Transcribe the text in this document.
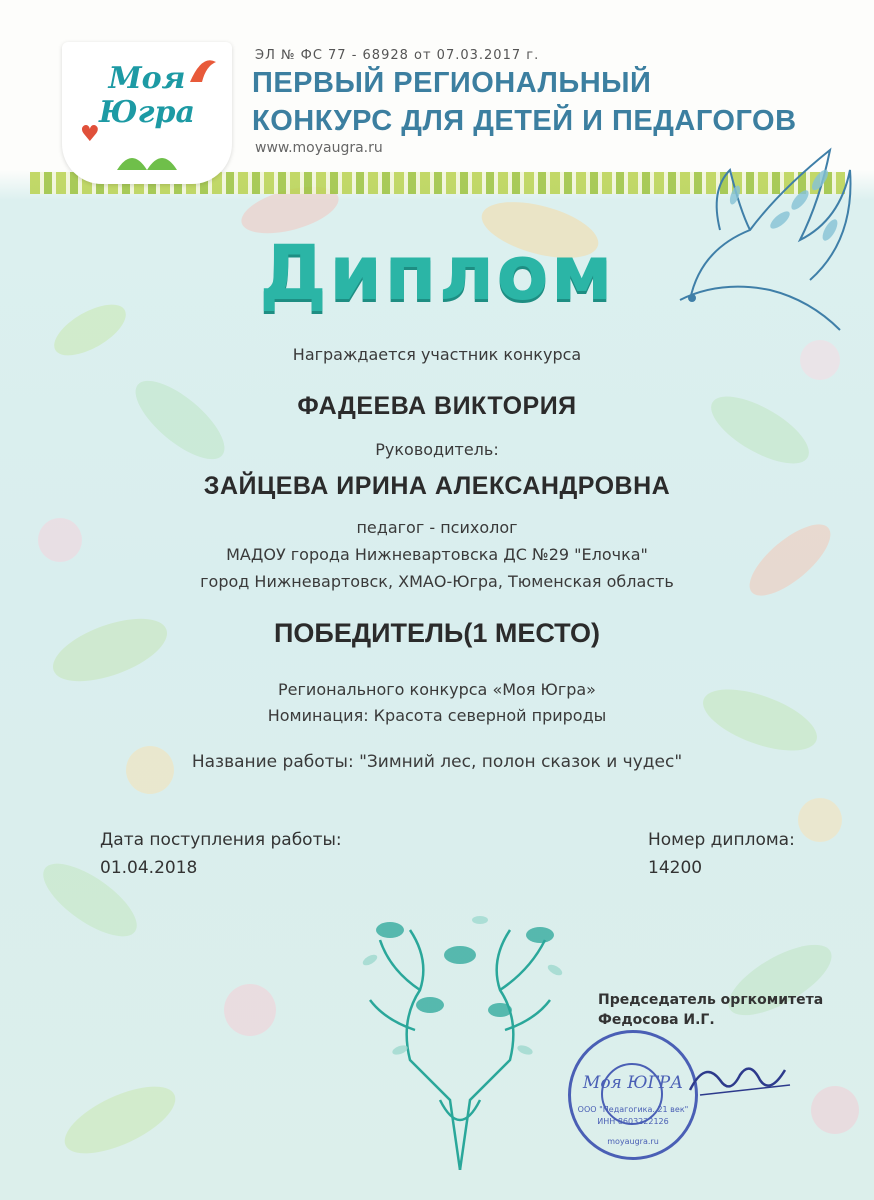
Моя
Югра
♥
ЭЛ № ФС 77 - 68928 от 07.03.2017 г.
ПЕРВЫЙ РЕГИОНАЛЬНЫЙ
КОНКУРС ДЛЯ ДЕТЕЙ И ПЕДАГОГОВ
www.moyaugra.ru
Диплом
Награждается участник конкурса
ФАДЕЕВА ВИКТОРИЯ
Руководитель:
ЗАЙЦЕВА ИРИНА АЛЕКСАНДРОВНА
педагог - психолог
МАДОУ города Нижневартовска ДС №29 "Елочка"
город Нижневартовск, ХМАО-Югра, Тюменская область
ПОБЕДИТЕЛЬ(1 МЕСТО)
Регионального конкурса «Моя Югра»
Номинация: Красота северной природы
Название работы: "Зимний лес, полон сказок и чудес"
Дата поступления работы:
01.04.2018
Номер диплома:
14200
Председатель оргкомитета
Федосова И.Г.
Моя ЮГРА
ООО "Педагогика. 21 век"
ИНН 8603222126
moyaugra.ru
